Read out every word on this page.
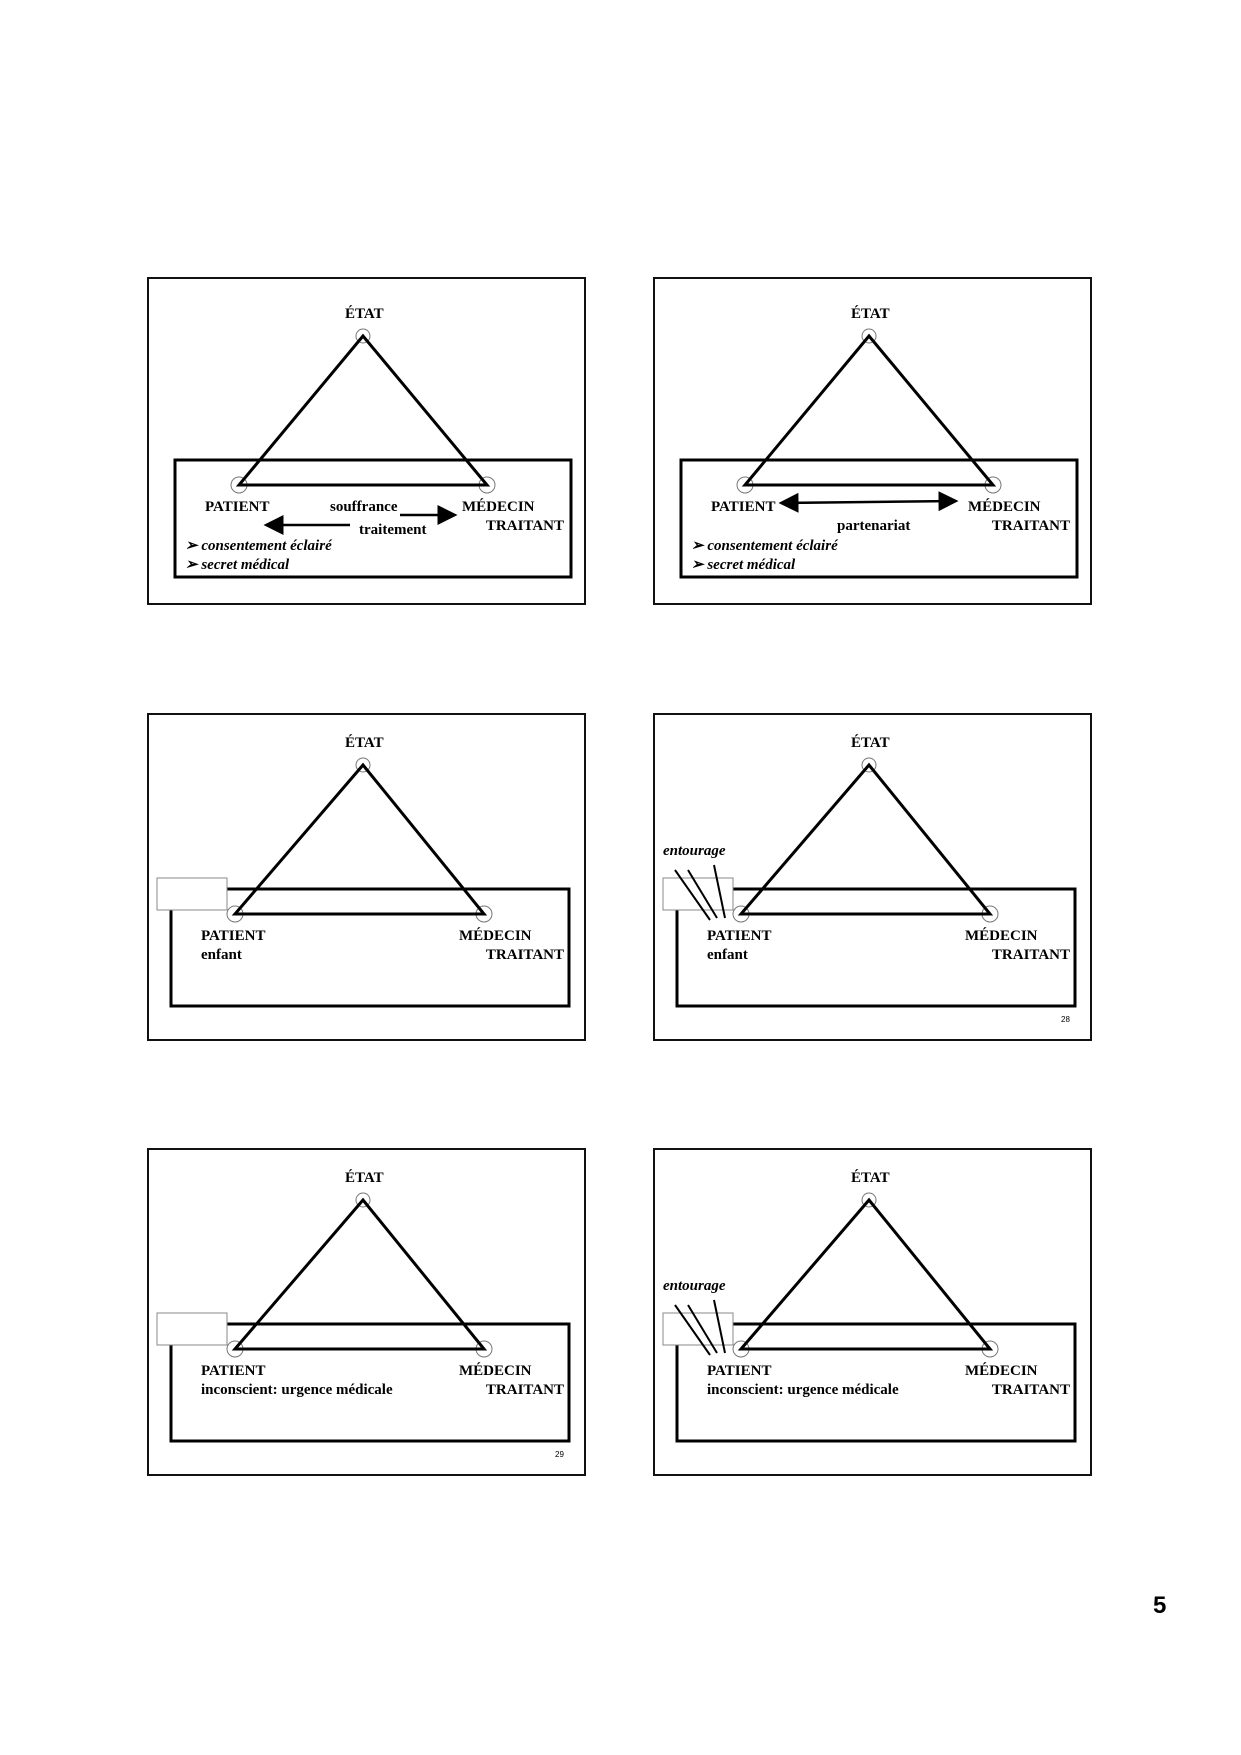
ÉTAT
PATIENT	souffrance	MÉDECIN
TRAITANT
traitement
➢ consentement éclairé
➢ secret médical
ÉTAT
PATIENT	MÉDECIN
TRAITANT
partenariat
➢ consentement éclairé
➢ secret médical
ÉTAT
PATIENT
enfant
MÉDECIN
TRAITANT
entourage
ÉTAT
PATIENT
enfant
MÉDECIN
TRAITANT
28
ÉTAT
PATIENT
inconscient: urgence médicale
MÉDECIN
TRAITANT
29
entourage
ÉTAT
PATIENT
inconscient: urgence médicale
MÉDECIN
TRAITANT
5
